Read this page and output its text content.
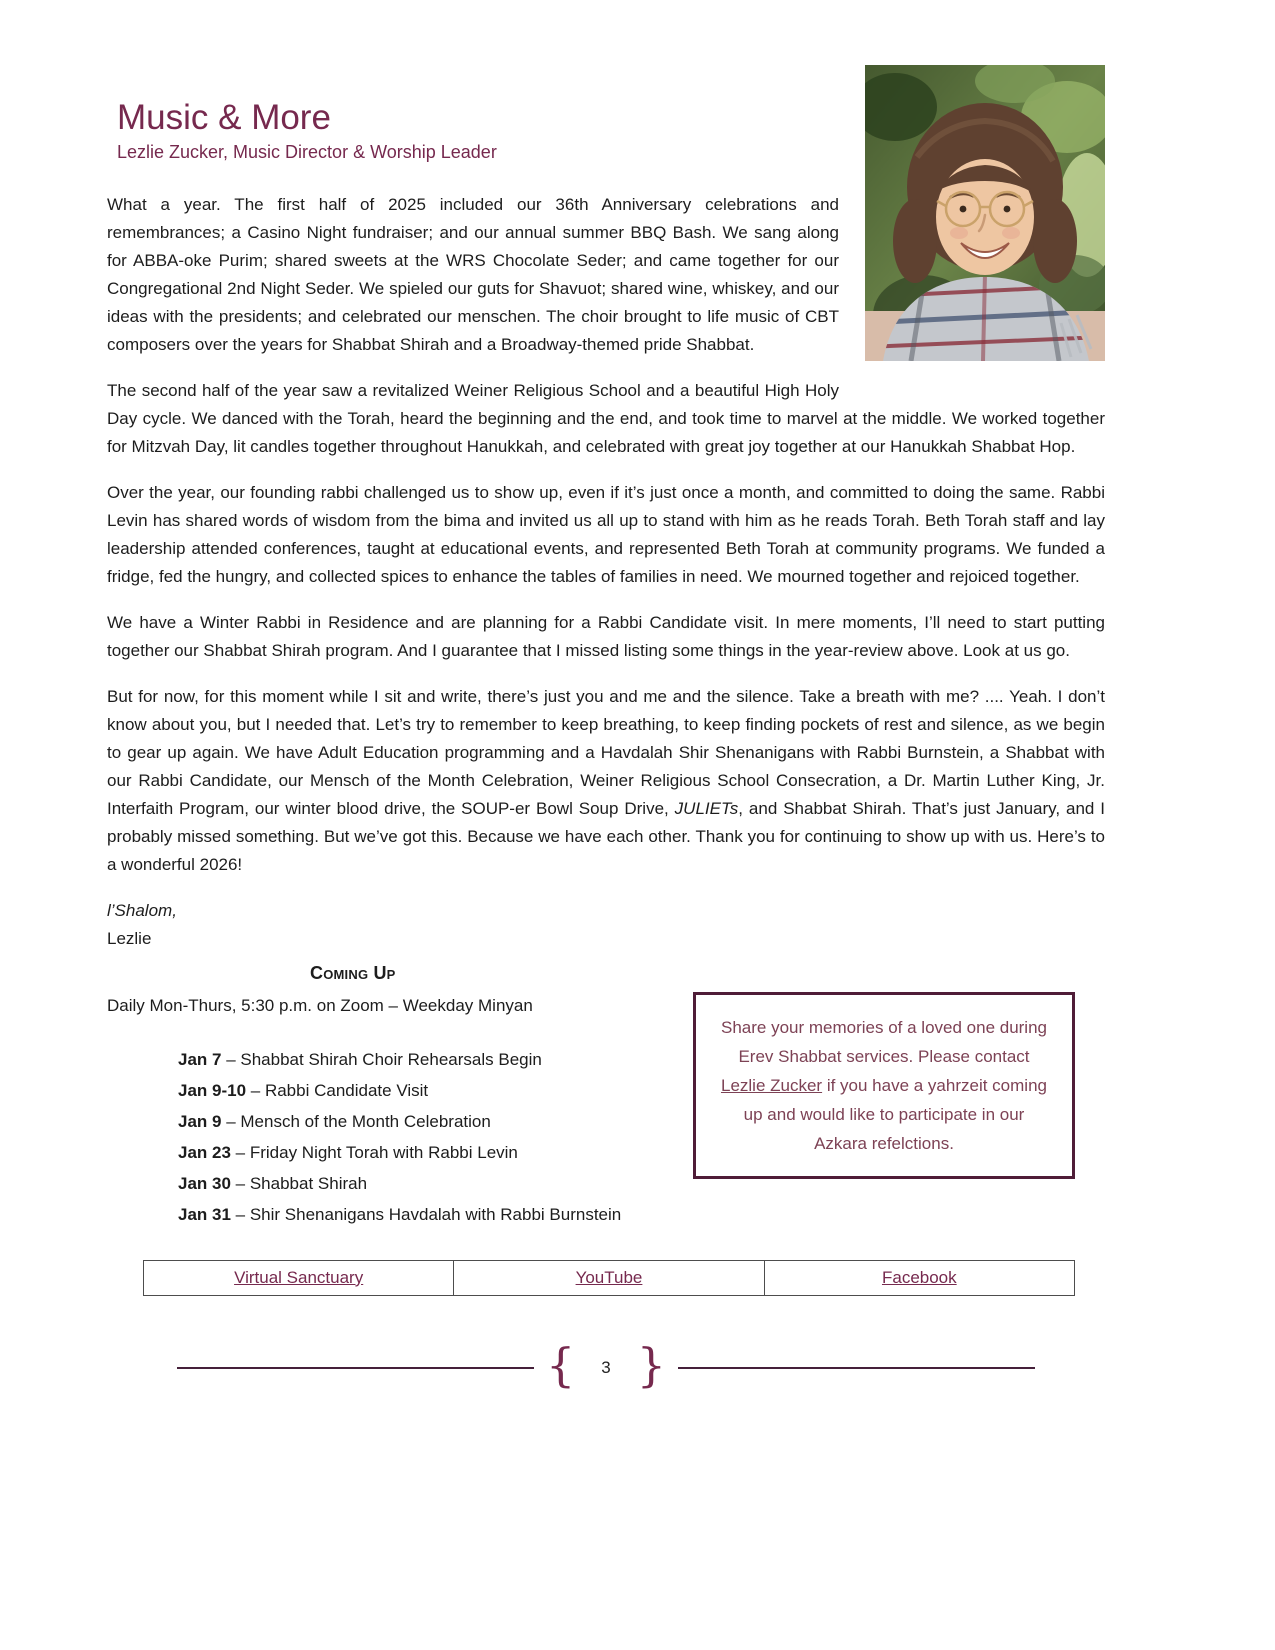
Music & More
Lezlie Zucker, Music Director & Worship Leader

What a year. The first half of 2025 included our 36th Anniversary celebrations and remembrances; a Casino Night fundraiser; and our annual summer BBQ Bash. We sang along for ABBA-oke Purim; shared sweets at the WRS Chocolate Seder; and came together for our Congregational 2nd Night Seder. We spieled our guts for Shavuot; shared wine, whiskey, and our ideas with the presidents; and celebrated our menschen. The choir brought to life music of CBT composers over the years for Shabbat Shirah and a Broadway-themed pride Shabbat.

The second half of the year saw a revitalized Weiner Religious School and a beautiful High Holy Day cycle. We danced with the Torah, heard the beginning and the end, and took time to marvel at the middle. We worked together for Mitzvah Day, lit candles together throughout Hanukkah, and celebrated with great joy together at our Hanukkah Shabbat Hop.

Over the year, our founding rabbi challenged us to show up, even if it’s just once a month, and committed to doing the same. Rabbi Levin has shared words of wisdom from the bima and invited us all up to stand with him as he reads Torah. Beth Torah staff and lay leadership attended conferences, taught at educational events, and represented Beth Torah at community programs. We funded a fridge, fed the hungry, and collected spices to enhance the tables of families in need. We mourned together and rejoiced together.

We have a Winter Rabbi in Residence and are planning for a Rabbi Candidate visit. In mere moments, I’ll need to start putting together our Shabbat Shirah program. And I guarantee that I missed listing some things in the year-review above. Look at us go.

But for now, for this moment while I sit and write, there’s just you and me and the silence. Take a breath with me? .... Yeah. I don’t know about you, but I needed that. Let’s try to remember to keep breathing, to keep finding pockets of rest and silence, as we begin to gear up again. We have Adult Education programming and a Havdalah Shir Shenanigans with Rabbi Burnstein, a Shabbat with our Rabbi Candidate, our Mensch of the Month Celebration, Weiner Religious School Consecration, a Dr. Martin Luther King, Jr. Interfaith Program, our winter blood drive, the SOUP-er Bowl Soup Drive, JULIETs, and Shabbat Shirah. That’s just January, and I probably missed something. But we’ve got this. Because we have each other. Thank you for continuing to show up with us. Here’s to a wonderful 2026!

l’Shalom,
Lezlie
Coming Up
Daily Mon-Thurs, 5:30 p.m. on Zoom – Weekday Minyan
Jan 7 – Shabbat Shirah Choir Rehearsals Begin
Jan 9-10 – Rabbi Candidate Visit
Jan 9 – Mensch of the Month Celebration
Jan 23 – Friday Night Torah with Rabbi Levin
Jan 30 – Shabbat Shirah
Jan 31 – Shir Shenanigans Havdalah with Rabbi Burnstein
Share your memories of a loved one during Erev Shabbat services. Please contact Lezlie Zucker if you have a yahrzeit coming up and would like to participate in our Azkara refelctions.
Virtual Sanctuary	YouTube	Facebook
{ 3 }
